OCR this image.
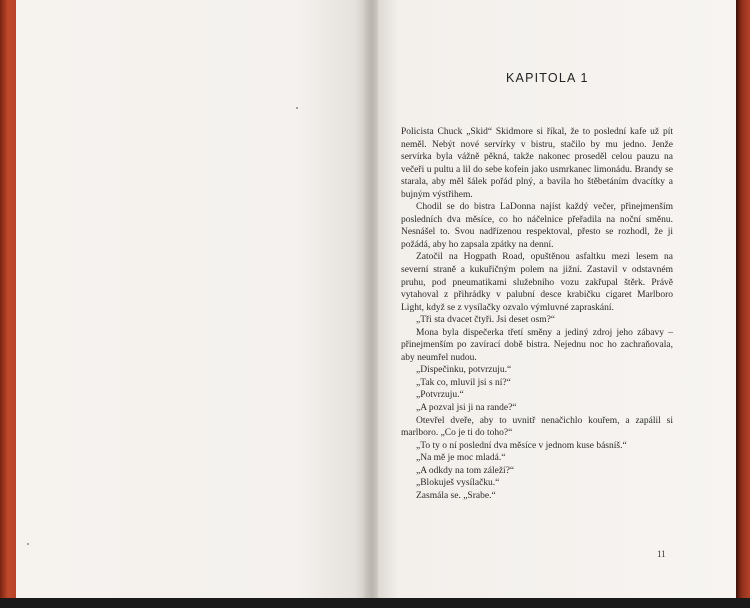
KAPITOLA 1

Policista Chuck „Skid“ Skidmore si říkal, že to poslední kafe už pít neměl. Nebýt nové servírky v bistru, stačilo by mu jedno. Jenže servírka byla vážně pěkná, takže nakonec proseděl celou pauzu na večeři u pultu a lil do sebe kofein jako usmrkanec limonádu. Brandy se starala, aby měl šálek pořád plný, a bavila ho štěbetáním dvacítky a bujným výstřihem.

Chodil se do bistra LaDonna najíst každý večer, přinejmenším posledních dva měsíce, co ho náčelnice přeřadila na noční směnu. Nesnášel to. Svou nadřízenou respektoval, přesto se rozhodl, že ji požádá, aby ho zapsala zpátky na denní.

Zatočil na Hogpath Road, opuštěnou asfaltku mezi lesem na severní straně a kukuřičným polem na jižní. Zastavil v odstavném pruhu, pod pneumatikami služebního vozu zakřupal štěrk. Právě vytahoval z přihrádky v palubní desce krabičku cigaret Marlboro Light, když se z vysílačky ozvalo výmluvné zapraskání.

„Tři sta dvacet čtyři. Jsi deset osm?“

Mona byla dispečerka třetí směny a jediný zdroj jeho zábavy – přinejmenším po zavírací době bistra. Nejednu noc ho zachraňovala, aby neumřel nudou.

„Dispečinku, potvrzuju.“

„Tak co, mluvil jsi s ní?“

„Potvrzuju.“

„A pozval jsi ji na rande?“

Otevřel dveře, aby to uvnitř nenačichlo kouřem, a zapálil si marlboro. „Co je ti do toho?“

„To ty o ní poslední dva měsíce v jednom kuse básníš.“

„Na mě je moc mladá.“

„A odkdy na tom záleží?“

„Blokuješ vysílačku.“

Zasmála se. „Srabe.“

11
